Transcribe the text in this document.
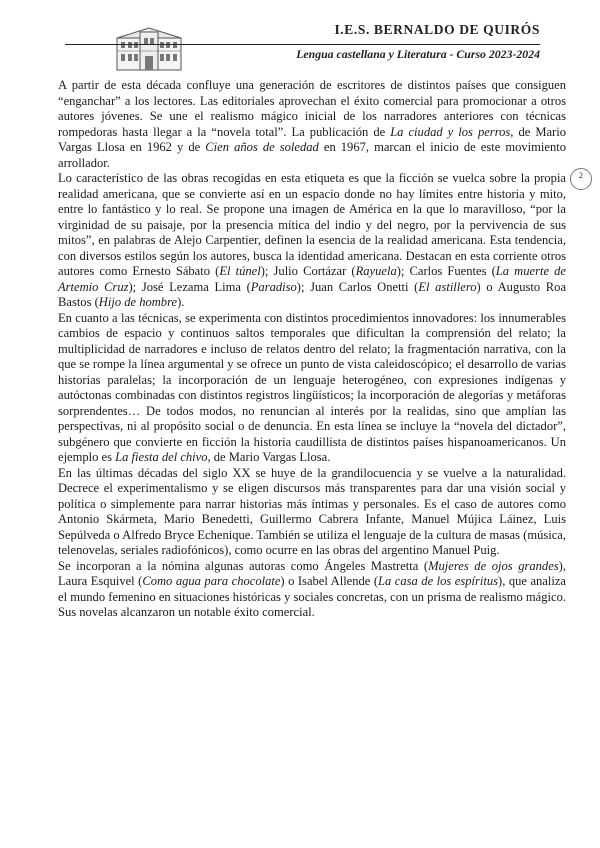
I.E.S. BERNALDO DE QUIRÓS
Lengua castellana y Literatura - Curso 2023-2024
2

A partir de esta década confluye una generación de escritores de distintos países que consiguen “enganchar” a los lectores. Las editoriales aprovechan el éxito comercial para promocionar a otros autores jóvenes. Se une el realismo mágico inicial de los narradores anteriores con técnicas rompedoras hasta llegar a la “novela total”. La publicación de La ciudad y los perros, de Mario Vargas Llosa en 1962 y de Cien años de soledad en 1967, marcan el inicio de este movimiento arrollador.

Lo característico de las obras recogidas en esta etiqueta es que la ficción se vuelca sobre la propia realidad americana, que se convierte así en un espacio donde no hay límites entre historia y mito, entre lo fantástico y lo real. Se propone una imagen de América en la que lo maravilloso, “por la virginidad de su paisaje, por la presencia mítica del indio y del negro, por la pervivencia de sus mitos”, en palabras de Alejo Carpentier, definen la esencia de la realidad americana. Esta tendencia, con diversos estilos según los autores, busca la identidad americana. Destacan en esta corriente otros autores como Ernesto Sábato (El túnel); Julio Cortázar (Rayuela); Carlos Fuentes (La muerte de Artemio Cruz); José Lezama Lima (Paradiso); Juan Carlos Onetti (El astillero) o Augusto Roa Bastos (Hijo de hombre).

En cuanto a las técnicas, se experimenta con distintos procedimientos innovadores: los innumerables cambios de espacio y continuos saltos temporales que dificultan la comprensión del relato; la multiplicidad de narradores e incluso de relatos dentro del relato; la fragmentación narrativa, con la que se rompe la línea argumental y se ofrece un punto de vista caleidoscópico; el desarrollo de varias historias paralelas; la incorporación de un lenguaje heterogéneo, con expresiones indígenas y autóctonas combinadas con distintos registros lingüísticos; la incorporación de alegorías y metáforas sorprendentes… De todos modos, no renuncian al interés por la realidas, sino que amplían las perspectivas, ni al propósito social o de denuncia. En esta línea se incluye la “novela del dictador”, subgénero que convierte en ficción la historia caudillista de distintos países hispanoamericanos. Un ejemplo es La fiesta del chivo, de Mario Vargas Llosa.

En las últimas décadas del siglo XX se huye de la grandilocuencia y se vuelve a la naturalidad. Decrece el experimentalismo y se eligen discursos más transparentes para dar una visión social y política o simplemente para narrar historias más íntimas y personales. Es el caso de autores como Antonio Skármeta, Mario Benedetti, Guillermo Cabrera Infante, Manuel Mújica Láinez, Luis Sepúlveda o Alfredo Bryce Echenique. También se utiliza el lenguaje de la cultura de masas (música, telenovelas, seriales radiofónicos), como ocurre en las obras del argentino Manuel Puig.

Se incorporan a la nómina algunas autoras como Ángeles Mastretta (Mujeres de ojos grandes), Laura Esquivel (Como agua para chocolate) o Isabel Allende (La casa de los espíritus), que analiza el mundo femenino en situaciones históricas y sociales concretas, con un prisma de realismo mágico. Sus novelas alcanzaron un notable éxito comercial.
